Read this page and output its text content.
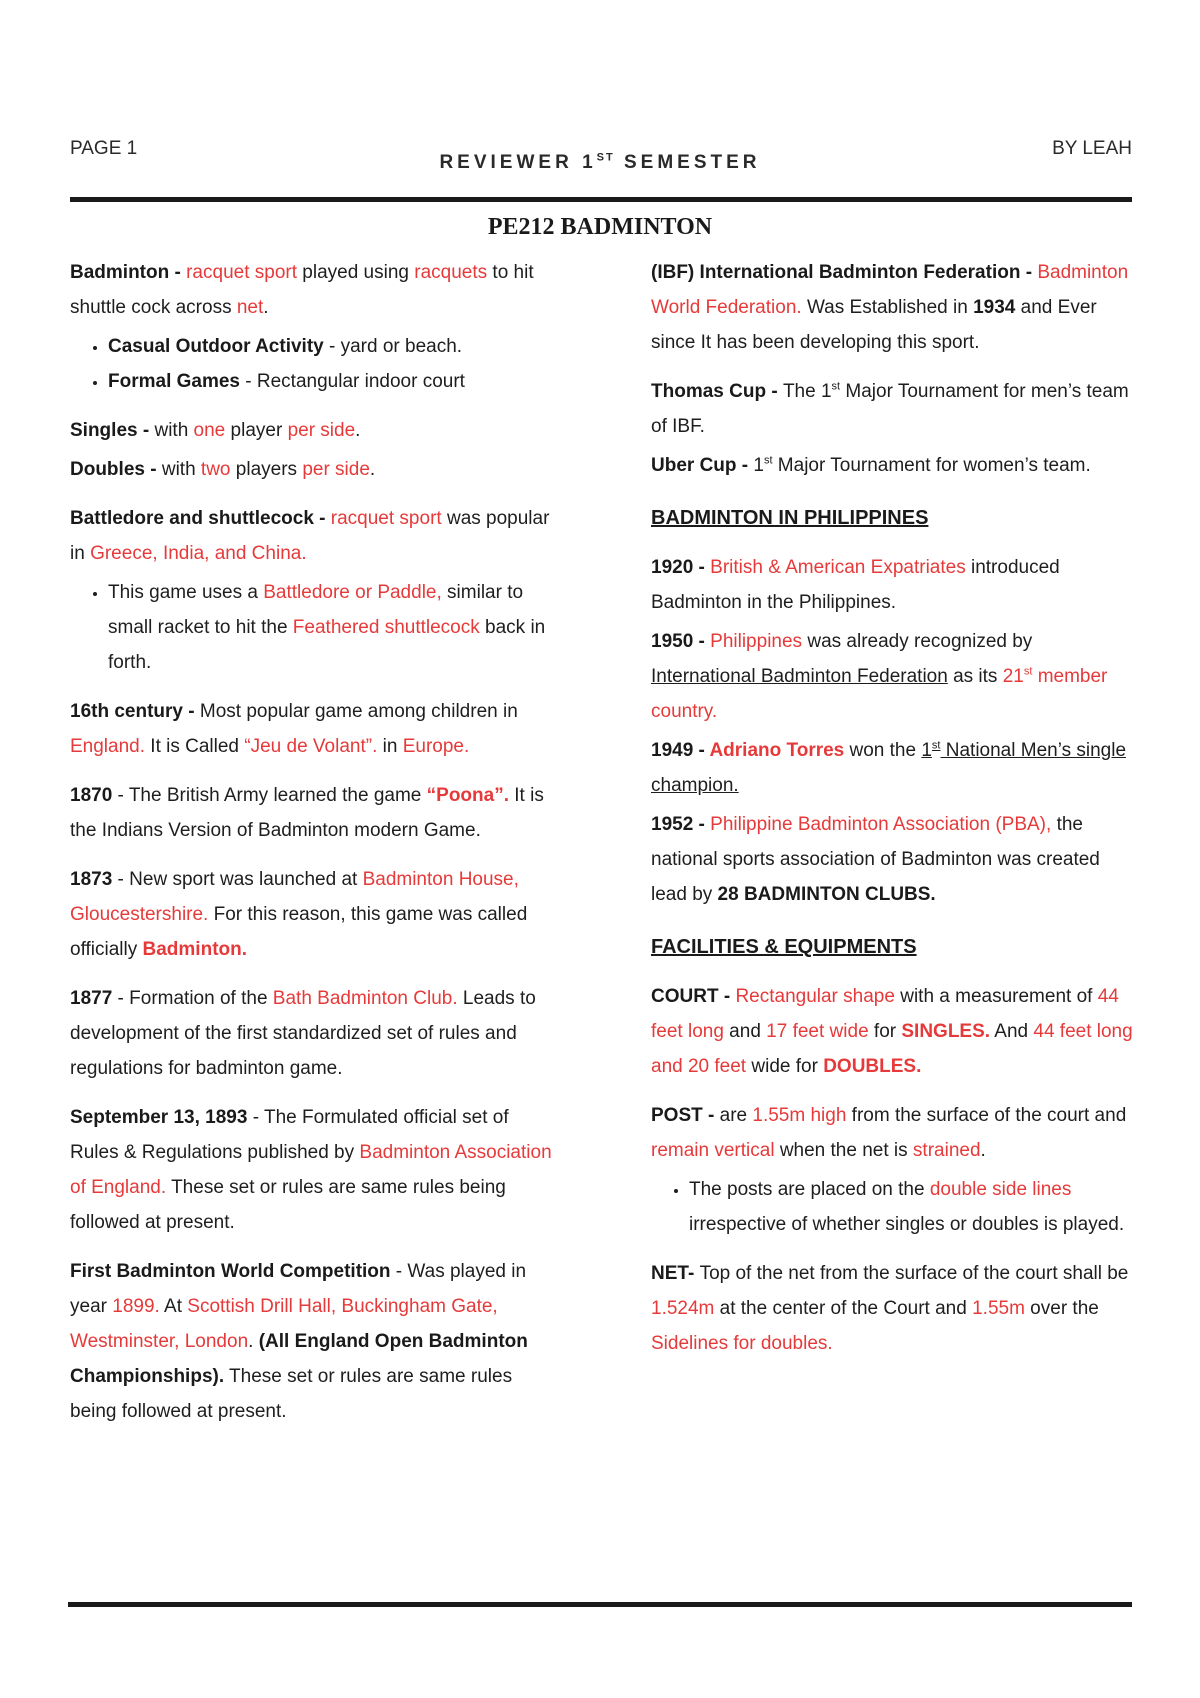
PAGE 1
REVIEWER 1ST SEMESTER
BY LEAH
PE212 BADMINTON

Badminton - racquet sport played using racquets to hit shuttle cock across net.

• Casual Outdoor Activity - yard or beach.
• Formal Games - Rectangular indoor court

Singles - with one player per side.

Doubles - with two players per side.

Battledore and shuttlecock - racquet sport was popular in Greece, India, and China.

• This game uses a Battledore or Paddle, similar to small racket to hit the Feathered shuttlecock back in forth.

16th century - Most popular game among children in England. It is Called “Jeu de Volant”. in Europe.

1870 - The British Army learned the game “Poona”. It is the Indians Version of Badminton modern Game.

1873 - New sport was launched at Badminton House, Gloucestershire. For this reason, this game was called officially Badminton.

1877 - Formation of the Bath Badminton Club. Leads to development of the first standardized set of rules and regulations for badminton game.

September 13, 1893 - The Formulated official set of Rules & Regulations published by Badminton Association of England. These set or rules are same rules being followed at present.

First Badminton World Competition - Was played in year 1899. At Scottish Drill Hall, Buckingham Gate, Westminster, London. (All England Open Badminton Championships). These set or rules are same rules being followed at present.

(IBF) International Badminton Federation - Badminton World Federation. Was Established in 1934 and Ever since It has been developing this sport.

Thomas Cup - The 1st Major Tournament for men’s team of IBF.

Uber Cup - 1st Major Tournament for women’s team.

BADMINTON IN PHILIPPINES

1920 - British & American Expatriates introduced Badminton in the Philippines.

1950 - Philippines was already recognized by International Badminton Federation as its 21st member country.

1949 - Adriano Torres won the 1st National Men’s single champion.

1952 - Philippine Badminton Association (PBA), the national sports association of Badminton was created lead by 28 BADMINTON CLUBS.

FACILITIES & EQUIPMENTS

COURT - Rectangular shape with a measurement of 44 feet long and 17 feet wide for SINGLES. And 44 feet long and 20 feet wide for DOUBLES.

POST - are 1.55m high from the surface of the court and remain vertical when the net is strained.

• The posts are placed on the double side lines irrespective of whether singles or doubles is played.

NET- Top of the net from the surface of the court shall be 1.524m at the center of the Court and 1.55m over the Sidelines for doubles.
